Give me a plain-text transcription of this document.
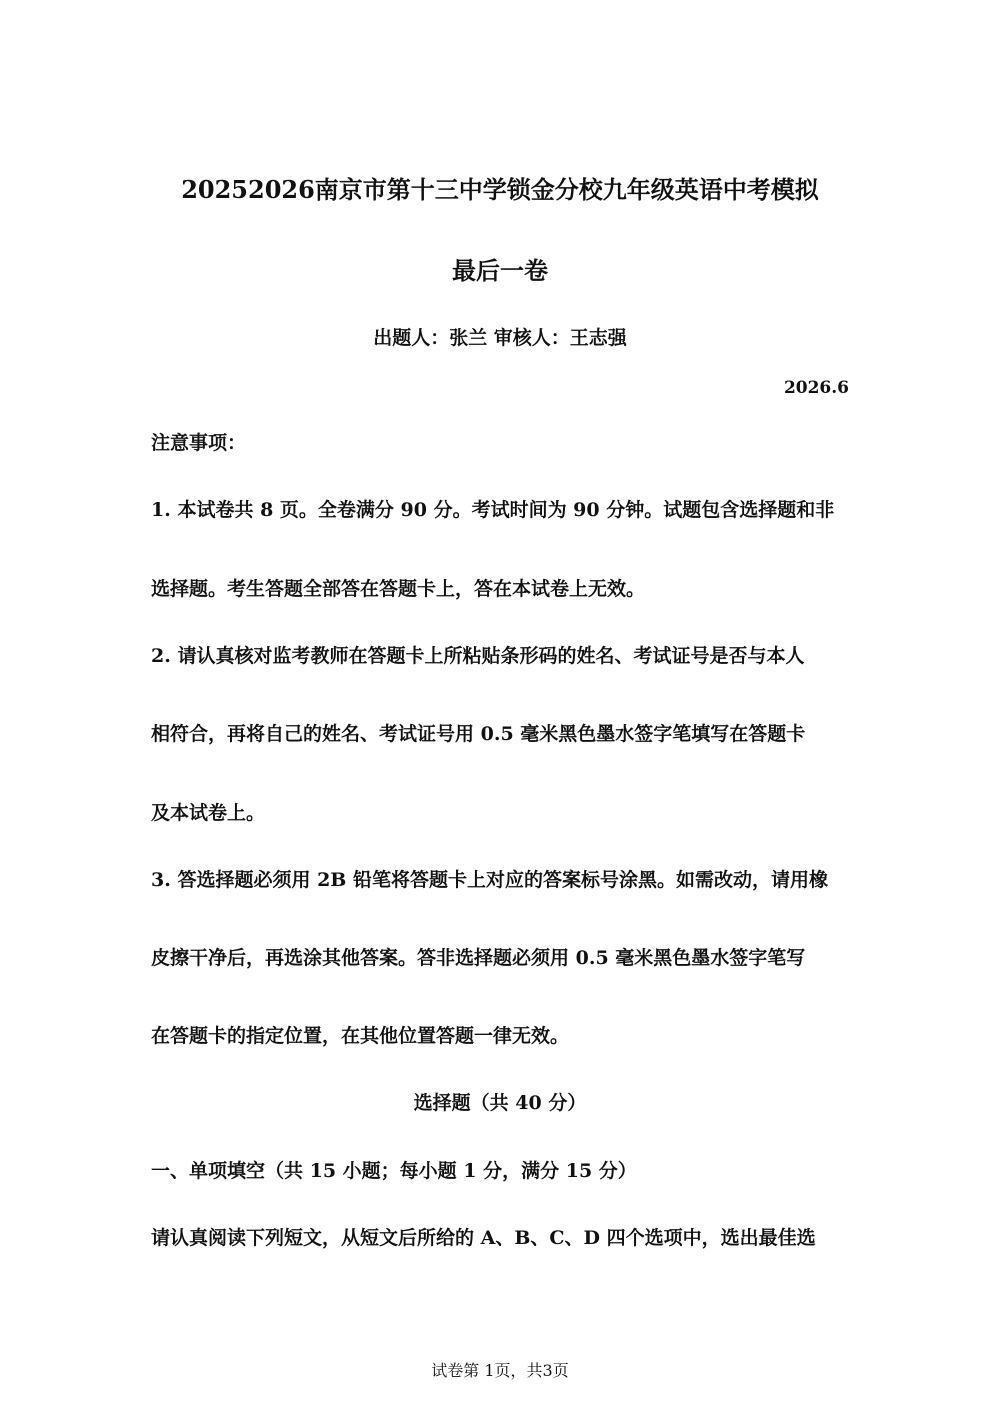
20252026南京市第十三中学锁金分校九年级英语中考模拟
最后一卷
出题人：张兰 审核人：王志强
2026.6
注意事项：
1. 本试卷共 8 页。全卷满分 90 分。考试时间为 90 分钟。试题包含选择题和非
选择题。考生答题全部答在答题卡上，答在本试卷上无效。
2. 请认真核对监考教师在答题卡上所粘贴条形码的姓名、考试证号是否与本人
相符合，再将自己的姓名、考试证号用 0.5 毫米黑色墨水签字笔填写在答题卡
及本试卷上。
3. 答选择题必须用 2B 铅笔将答题卡上对应的答案标号涂黑。如需改动，请用橡
皮擦干净后，再选涂其他答案。答非选择题必须用 0.5 毫米黑色墨水签字笔写
在答题卡的指定位置，在其他位置答题一律无效。
选择题（共 40 分）
一、单项填空（共 15 小题；每小题 1 分，满分 15 分）
请认真阅读下列短文，从短文后所给的 A、B、C、D 四个选项中，选出最佳选
试卷第 1页，共3页
